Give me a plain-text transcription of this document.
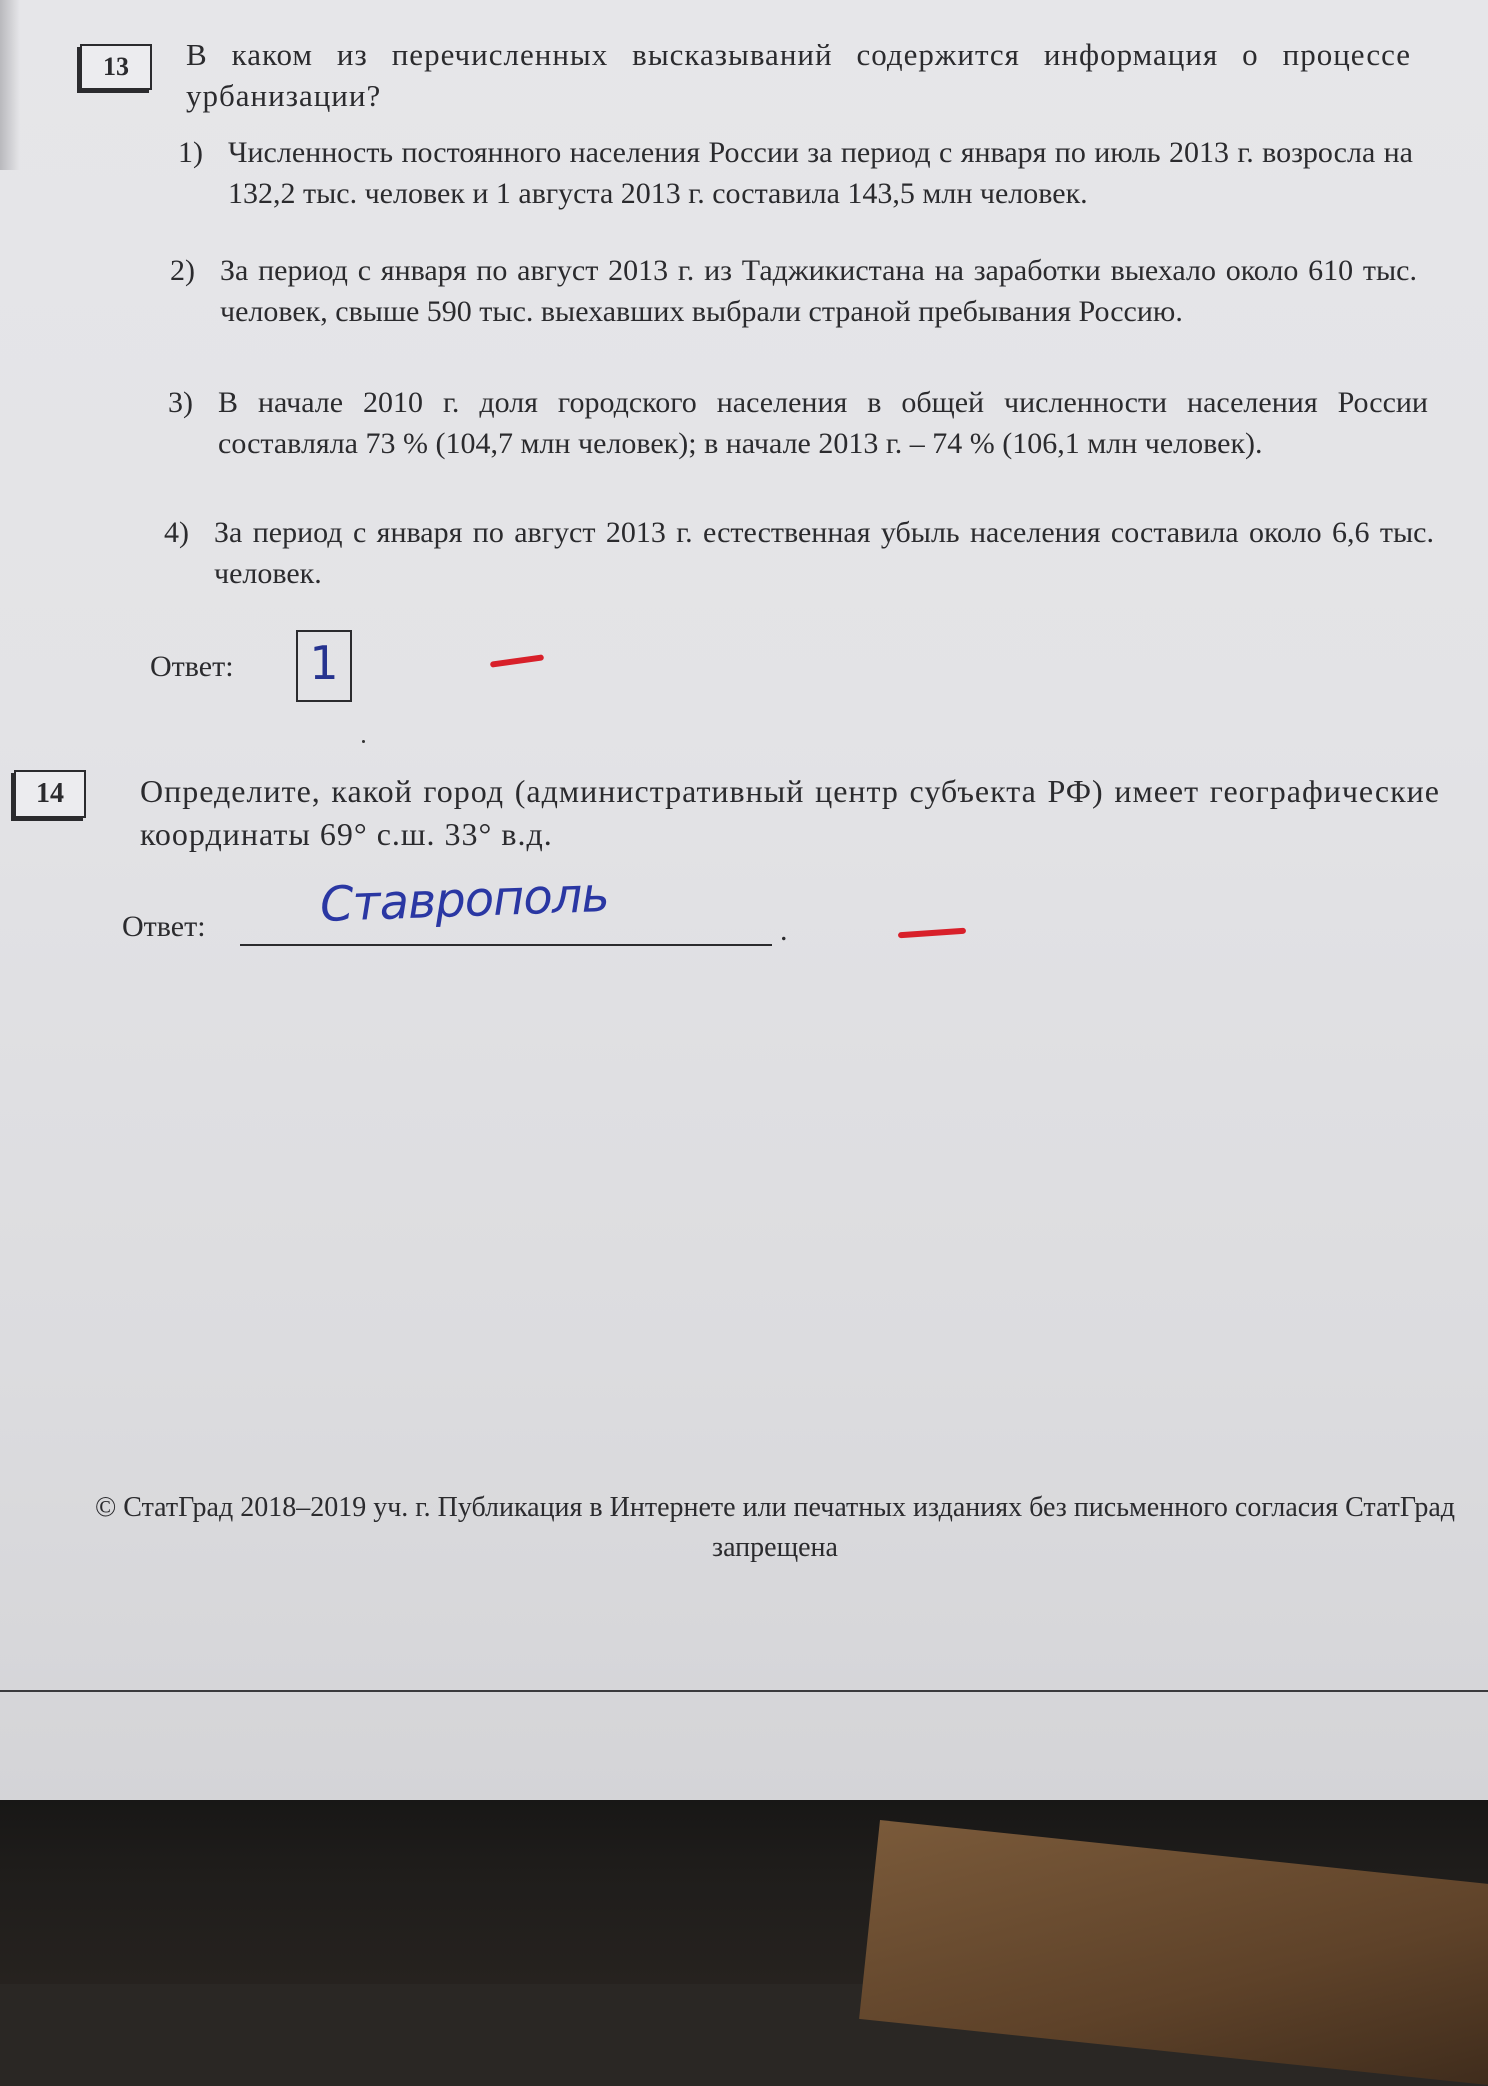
13	В каком из перечисленных высказываний содержится информация о процессе урбанизации?
1) Численность постоянного населения России за период с января по июль 2013 г. возросла на 132,2 тыс. человек и 1 августа 2013 г. составила 143,5 млн человек.
2) За период с января по август 2013 г. из Таджикистана на заработки выехало около 610 тыс. человек, свыше 590 тыс. выехавших выбрали страной пребывания Россию.
3) В начале 2010 г. доля городского населения в общей численности населения России составляла 73 % (104,7 млн человек); в начале 2013 г. – 74 % (106,1 млн человек).
4) За период с января по август 2013 г. естественная убыль населения составила около 6,6 тыс. человек.
Ответ: 1
14	Определите, какой город (административный центр субъекта РФ) имеет географические координаты 69° с.ш. 33° в.д.
Ответ: Ставрополь	.
© СтатГрад 2018–2019 уч. г. Публикация в Интернете или печатных изданиях без письменного согласия СтатГрад запрещена
